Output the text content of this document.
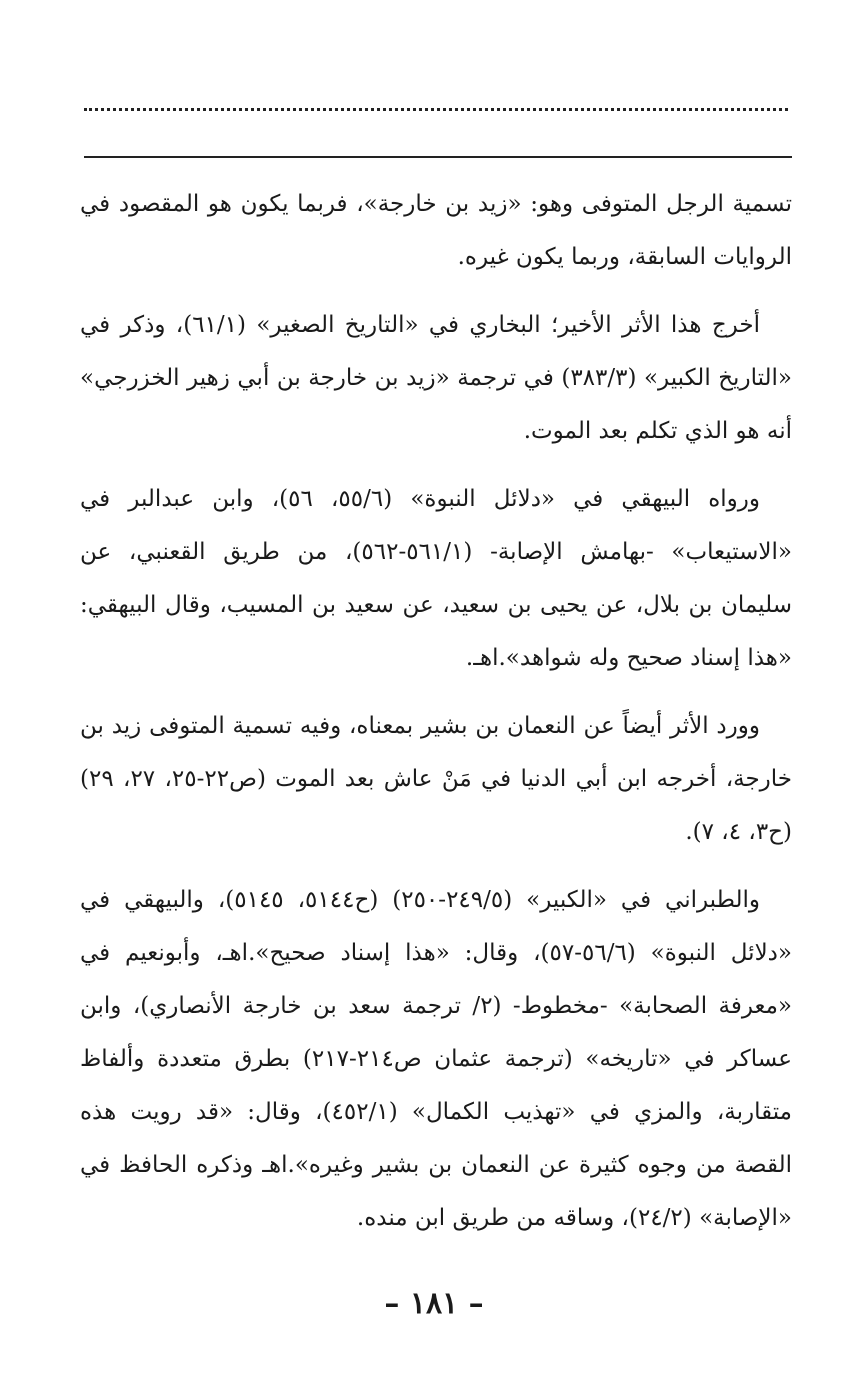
تسمية الرجل المتوفى وهو: «زيد بن خارجة»، فربما يكون هو المقصود في الروايات السابقة، وربما يكون غيره.

أخرج هذا الأثر الأخير؛ البخاري في «التاريخ الصغير» (٦١/١)، وذكر في «التاريخ الكبير» (٣٨٣/٣) في ترجمة «زيد بن خارجة بن أبي زهير الخزرجي» أنه هو الذي تكلم بعد الموت.

ورواه البيهقي في «دلائل النبوة» (٥٥/٦، ٥٦)، وابن عبدالبر في «الاستيعاب» -بهامش الإصابة- (٥٦١/١-٥٦٢)، من طريق القعنبي، عن سليمان بن بلال، عن يحيى بن سعيد، عن سعيد بن المسيب، وقال البيهقي: «هذا إسناد صحيح وله شواهد».اهـ.

وورد الأثر أيضاً عن النعمان بن بشير بمعناه، وفيه تسمية المتوفى زيد بن خارجة، أخرجه ابن أبي الدنيا في مَنْ عاش بعد الموت (ص٢٢-٢٥، ٢٧، ٢٩) (ح٣، ٤، ٧).

والطبراني في «الكبير» (٢٤٩/٥-٢٥٠) (ح٥١٤٤، ٥١٤٥)، والبيهقي في «دلائل النبوة» (٥٦/٦-٥٧)، وقال: «هذا إسناد صحيح».اهـ، وأبونعيم في «معرفة الصحابة» -مخطوط- (٢/ ترجمة سعد بن خارجة الأنصاري)، وابن عساكر في «تاريخه» (ترجمة عثمان ص٢١٤-٢١٧) بطرق متعددة وألفاظ متقاربة، والمزي في «تهذيب الكمال» (٤٥٢/١)، وقال: «قد رويت هذه القصة من وجوه كثيرة عن النعمان بن بشير وغيره».اهـ وذكره الحافظ في «الإصابة» (٢٤/٢)، وساقه من طريق ابن منده.

– ١٨١ –
